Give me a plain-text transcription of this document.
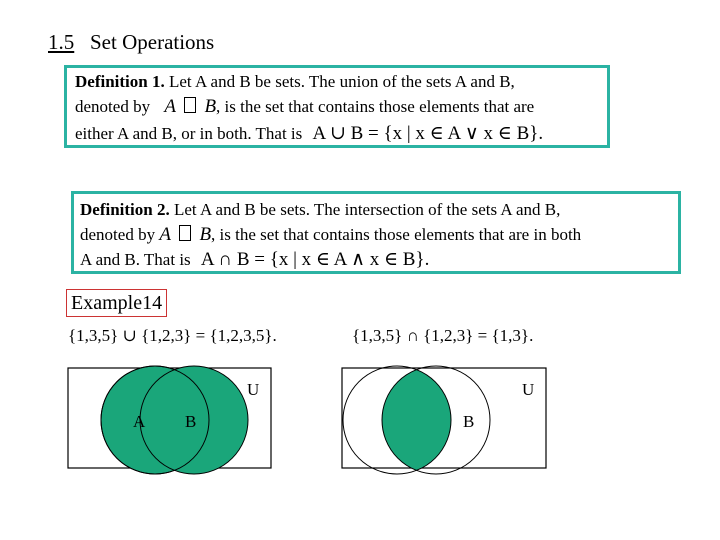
1.5 Set Operations
Definition 1. Let A and B be sets. The union of the sets A and B,
denoted by A B, is the set that contains those elements that are
either A and B, or in both. That is A ∪ B = {x | x ∈ A ∨ x ∈ B}.
Definition 2. Let A and B be sets. The intersection of the sets A and B,
denoted by A B, is the set that contains those elements that are in both
A and B. That is A ∩ B = {x | x ∈ A ∧ x ∈ B}.
Example14
{1,3,5} ∪ {1,2,3} = {1,2,3,5}.	{1,3,5} ∩ {1,2,3} = {1,3}.
U
A B
U
B
